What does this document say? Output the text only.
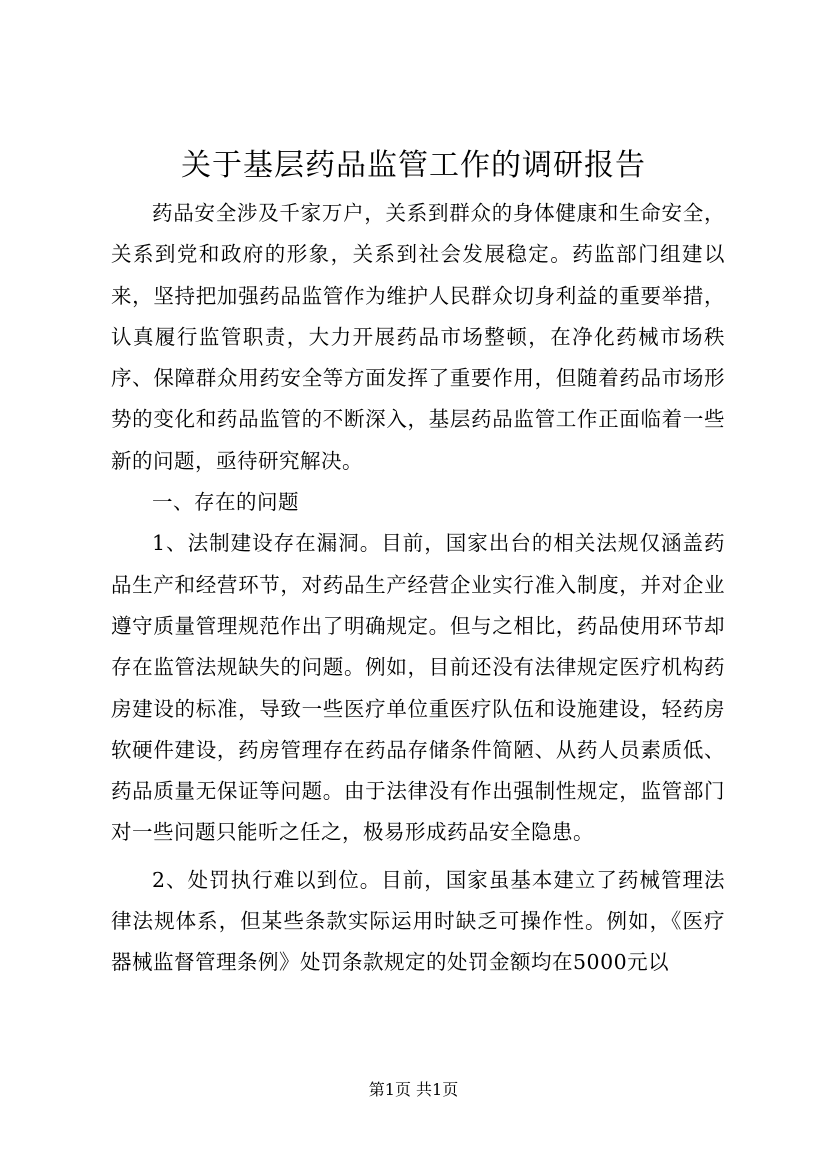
关于基层药品监管工作的调研报告

药品安全涉及千家万户，关系到群众的身体健康和生命安全，关系到党和政府的形象，关系到社会发展稳定。药监部门组建以来，坚持把加强药品监管作为维护人民群众切身利益的重要举措，认真履行监管职责，大力开展药品市场整顿，在净化药械市场秩序、保障群众用药安全等方面发挥了重要作用，但随着药品市场形势的变化和药品监管的不断深入，基层药品监管工作正面临着一些新的问题，亟待研究解决。

一、存在的问题

1、法制建设存在漏洞。目前，国家出台的相关法规仅涵盖药品生产和经营环节，对药品生产经营企业实行准入制度，并对企业遵守质量管理规范作出了明确规定。但与之相比，药品使用环节却存在监管法规缺失的问题。例如，目前还没有法律规定医疗机构药房建设的标准，导致一些医疗单位重医疗队伍和设施建设，轻药房软硬件建设，药房管理存在药品存储条件简陋、从药人员素质低、药品质量无保证等问题。由于法律没有作出强制性规定，监管部门对一些问题只能听之任之，极易形成药品安全隐患。

2、处罚执行难以到位。目前，国家虽基本建立了药械管理法律法规体系，但某些条款实际运用时缺乏可操作性。例如，《医疗器械监督管理条例》处罚条款规定的处罚金额均在5000元以

第1页 共1页
